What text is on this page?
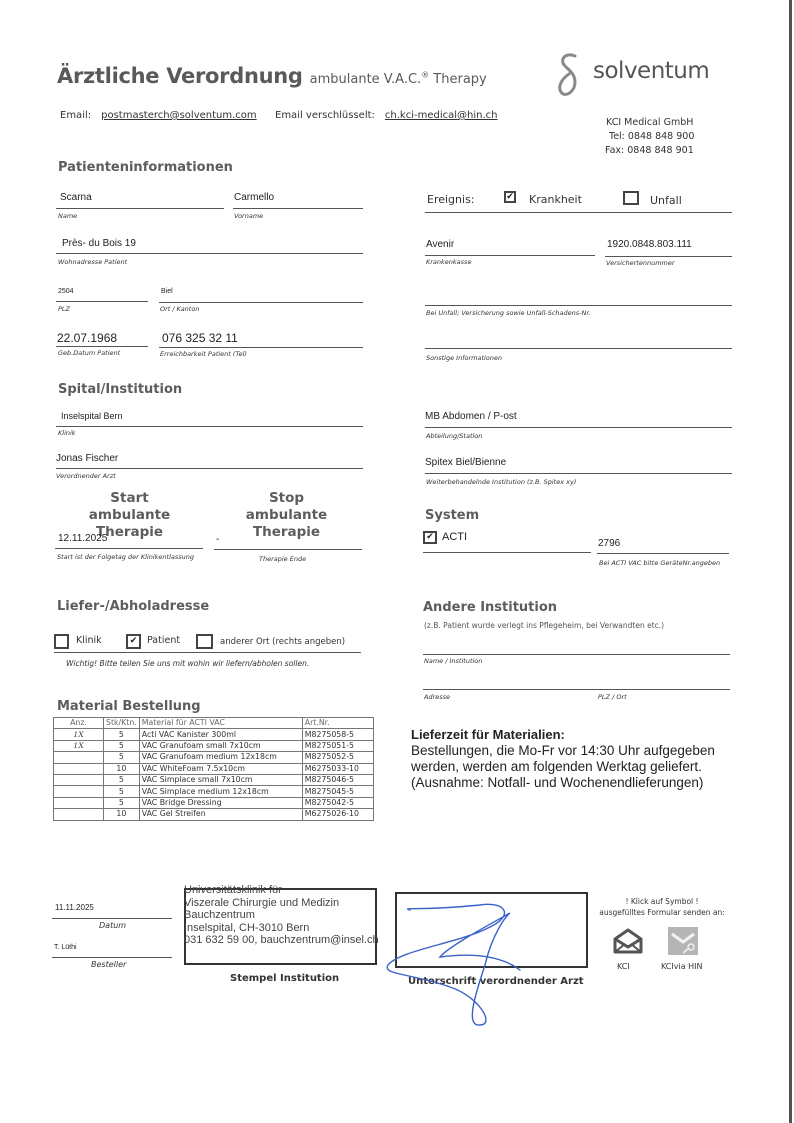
Ärztliche Verordnung ambulante V.A.C.® Therapy	solventum
Email: postmasterch@solventum.com Email verschlüsselt: ch.kci-medical@hin.ch
KCI Medical GmbH
Tel: 0848 848 900
Fax: 0848 848 901
Patienteninformationen
Scarna
Name
Carmello
Vorname
Près- du Bois 19
Wohnadresse Patient
2504
PLZ
Biel
Ort / Kanton
22.07.1968
Geb.Datum Patient
076 325 32 11
Erreichbarkeit Patient (Tel)
Ereignis:	✔ Krankheit	Unfall
Avenir
Krankenkasse
1920.0848.803.111
Versichertennummer
Bei Unfall; Versicherung sowie Unfall-Schadens-Nr.
Sonstige Informationen
Spital/Institution
Inselspital Bern
Klinik
Jonas Fischer
Verordnender Arzt
MB Abdomen / P-ost
Abteilung/Station
Spitex Biel/Bienne
Weiterbehandelnde Institution (z.B. Spitex xy)
Start
ambulante Therapie
Stop
ambulante Therapie
12.11.2025
Start ist der Folgetag der Klinikentlassung
-
Therapie Ende
System
✔ ACTI
2796
Bei ACTI VAC bitte GeräteNr.angeben
Liefer-/Abholadresse
Klinik	✔ Patient	anderer Ort (rechts angeben)
Wichtig! Bitte teilen Sie uns mit wohin wir liefern/abholen sollen.
Andere Institution
(z.B. Patient wurde verlegt ins Pflegeheim, bei Verwandten etc.)
Name / Institution
Adresse	PLZ / Ort
Material Bestellung
Anz.	Stk/Ktn.	Material für ACTI VAC	Art.Nr.
1X	5	Acti VAC Kanister 300ml	M8275058-5
1X	5	VAC Granufoam small 7x10cm	M8275051-5
	5	VAC Granufoam medium 12x18cm	M8275052-5
	10	VAC WhiteFoam 7.5x10cm	M6275033-10
	5	VAC Simplace small 7x10cm	M8275046-5
	5	VAC Simplace medium 12x18cm	M8275045-5
	5	VAC Bridge Dressing	M8275042-5
	10	VAC Gel Streifen	M6275026-10
Lieferzeit für Materialien:
Bestellungen, die Mo-Fr vor 14:30 Uhr aufgegeben
werden, werden am folgenden Werktag geliefert.
(Ausnahme: Notfall- und Wochenendlieferungen)
11.11.2025
Datum
T. Lüthi
Besteller
Universitätsklinik für
Viszerale Chirurgie und Medizin
Bauchzentrum
Inselspital, CH-3010 Bern
031 632 59 00, bauchzentrum@insel.ch
Stempel Institution	Unterschrift verordnender Arzt
! Klick auf Symbol !
ausgefülltes Formular senden an:
KCI	KCIvia HIN
